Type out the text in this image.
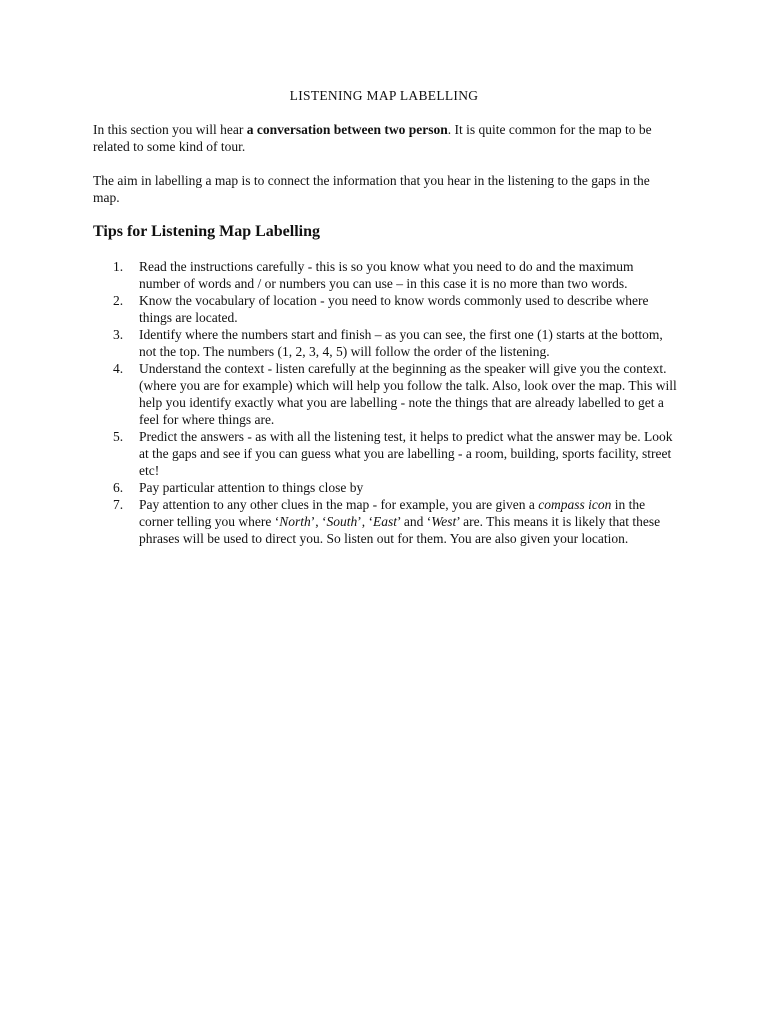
LISTENING MAP LABELLING

In this section you will hear a conversation between two person. It is quite common for the map to be related to some kind of tour.

The aim in labelling a map is to connect the information that you hear in the listening to the gaps in the map.

Tips for Listening Map Labelling
1. Read the instructions carefully - this is so you know what you need to do and the maximum number of words and / or numbers you can use – in this case it is no more than two words.
2. Know the vocabulary of location - you need to know words commonly used to describe where things are located.
3. Identify where the numbers start and finish – as you can see, the first one (1) starts at the bottom, not the top. The numbers (1, 2, 3, 4, 5) will follow the order of the listening.
4. Understand the context - listen carefully at the beginning as the speaker will give you the context. (where you are for example) which will help you follow the talk. Also, look over the map. This will help you identify exactly what you are labelling - note the things that are already labelled to get a feel for where things are.
5. Predict the answers - as with all the listening test, it helps to predict what the answer may be. Look at the gaps and see if you can guess what you are labelling - a room, building, sports facility, street etc!
6. Pay particular attention to things close by
7. Pay attention to any other clues in the map - for example, you are given a compass icon in the corner telling you where ‘North’, ‘South’, ‘East’ and ‘West’ are. This means it is likely that these phrases will be used to direct you. So listen out for them. You are also given your location.
